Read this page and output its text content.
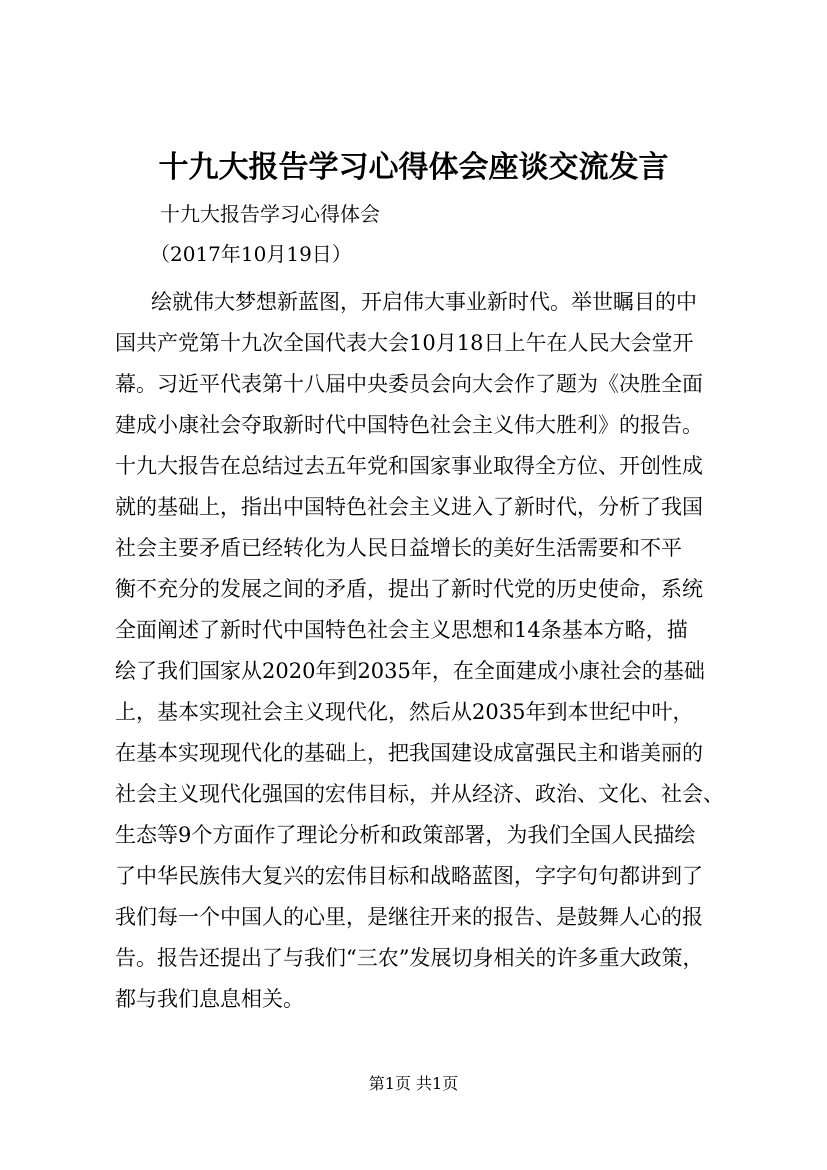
十九大报告学习心得体会座谈交流发言
十九大报告学习心得体会
（2017年10月19日）
绘就伟大梦想新蓝图，开启伟大事业新时代。举世瞩目的中
国共产党第十九次全国代表大会10月18日上午在人民大会堂开
幕。习近平代表第十八届中央委员会向大会作了题为《决胜全面
建成小康社会夺取新时代中国特色社会主义伟大胜利》的报告。
十九大报告在总结过去五年党和国家事业取得全方位、开创性成
就的基础上，指出中国特色社会主义进入了新时代，分析了我国
社会主要矛盾已经转化为人民日益增长的美好生活需要和不平
衡不充分的发展之间的矛盾，提出了新时代党的历史使命，系统
全面阐述了新时代中国特色社会主义思想和14条基本方略，描
绘了我们国家从2020年到2035年，在全面建成小康社会的基础
上，基本实现社会主义现代化，然后从2035年到本世纪中叶，
在基本实现现代化的基础上，把我国建设成富强民主和谐美丽的
社会主义现代化强国的宏伟目标，并从经济、政治、文化、社会、
生态等9个方面作了理论分析和政策部署，为我们全国人民描绘
了中华民族伟大复兴的宏伟目标和战略蓝图，字字句句都讲到了
我们每一个中国人的心里，是继往开来的报告、是鼓舞人心的报
告。报告还提出了与我们“三农”发展切身相关的许多重大政策，
都与我们息息相关。
第1页 共1页
